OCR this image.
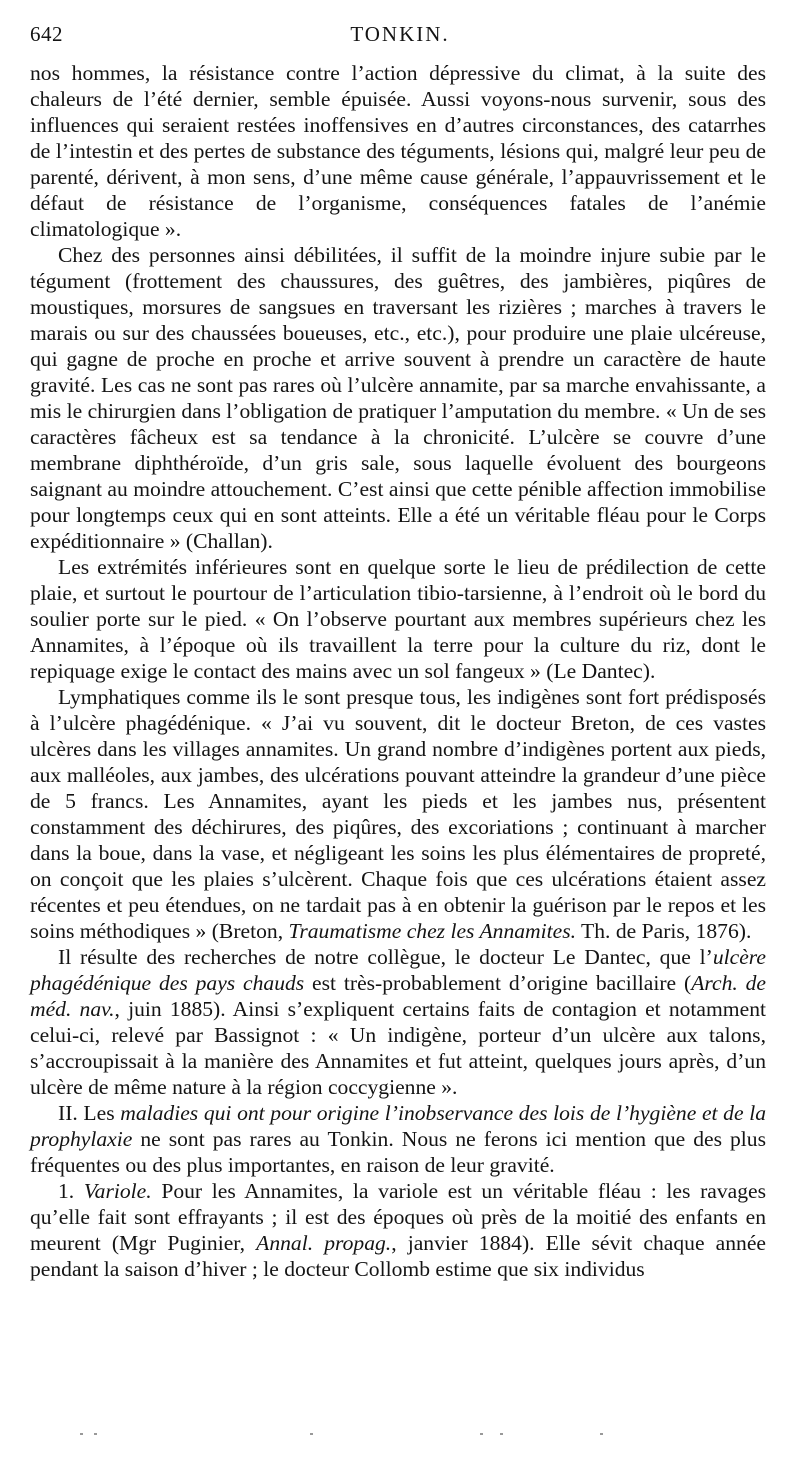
642	TONKIN.

nos hommes, la résistance contre l’action dépressive du climat, à la suite des chaleurs de l’été dernier, semble épuisée. Aussi voyons-nous survenir, sous des influences qui seraient restées inoffensives en d’autres circonstances, des catarrhes de l’intestin et des pertes de substance des téguments, lésions qui, malgré leur peu de parenté, dérivent, à mon sens, d’une même cause générale, l’appauvrissement et le défaut de résistance de l’organisme, conséquences fatales de l’anémie climatologique ».

Chez des personnes ainsi débilitées, il suffit de la moindre injure subie par le tégument (frottement des chaussures, des guêtres, des jambières, piqûres de moustiques, morsures de sangsues en traversant les rizières ; marches à travers le marais ou sur des chaussées boueuses, etc., etc.), pour produire une plaie ulcéreuse, qui gagne de proche en proche et arrive souvent à prendre un caractère de haute gravité. Les cas ne sont pas rares où l’ulcère annamite, par sa marche envahissante, a mis le chirurgien dans l’obligation de pratiquer l’amputation du membre. « Un de ses caractères fâcheux est sa tendance à la chronicité. L’ulcère se couvre d’une membrane diphthéroïde, d’un gris sale, sous laquelle évoluent des bourgeons saignant au moindre attouchement. C’est ainsi que cette pénible affection immobilise pour longtemps ceux qui en sont atteints. Elle a été un véritable fléau pour le Corps expéditionnaire » (Challan).

Les extrémités inférieures sont en quelque sorte le lieu de prédilection de cette plaie, et surtout le pourtour de l’articulation tibio-tarsienne, à l’endroit où le bord du soulier porte sur le pied. « On l’observe pourtant aux membres supérieurs chez les Annamites, à l’époque où ils travaillent la terre pour la culture du riz, dont le repiquage exige le contact des mains avec un sol fangeux » (Le Dantec).

Lymphatiques comme ils le sont presque tous, les indigènes sont fort prédisposés à l’ulcère phagédénique. « J’ai vu souvent, dit le docteur Breton, de ces vastes ulcères dans les villages annamites. Un grand nombre d’indigènes portent aux pieds, aux malléoles, aux jambes, des ulcérations pouvant atteindre la grandeur d’une pièce de 5 francs. Les Annamites, ayant les pieds et les jambes nus, présentent constamment des déchirures, des piqûres, des excoriations ; continuant à marcher dans la boue, dans la vase, et négligeant les soins les plus élémentaires de propreté, on conçoit que les plaies s’ulcèrent. Chaque fois que ces ulcérations étaient assez récentes et peu étendues, on ne tardait pas à en obtenir la guérison par le repos et les soins méthodiques » (Breton, Traumatisme chez les Annamites. Th. de Paris, 1876).

Il résulte des recherches de notre collègue, le docteur Le Dantec, que l’ulcère phagédénique des pays chauds est très-probablement d’origine bacillaire (Arch. de méd. nav., juin 1885). Ainsi s’expliquent certains faits de contagion et notamment celui-ci, relevé par Bassignot : « Un indigène, porteur d’un ulcère aux talons, s’accroupissait à la manière des Annamites et fut atteint, quelques jours après, d’un ulcère de même nature à la région coccygienne ».

II. Les maladies qui ont pour origine l’inobservance des lois de l’hygiène et de la prophylaxie ne sont pas rares au Tonkin. Nous ne ferons ici mention que des plus fréquentes ou des plus importantes, en raison de leur gravité.

1. Variole. Pour les Annamites, la variole est un véritable fléau : les ravages qu’elle fait sont effrayants ; il est des époques où près de la moitié des enfants en meurent (Mgr Puginier, Annal. propag., janvier 1884). Elle sévit chaque année pendant la saison d’hiver ; le docteur Collomb estime que six individus
